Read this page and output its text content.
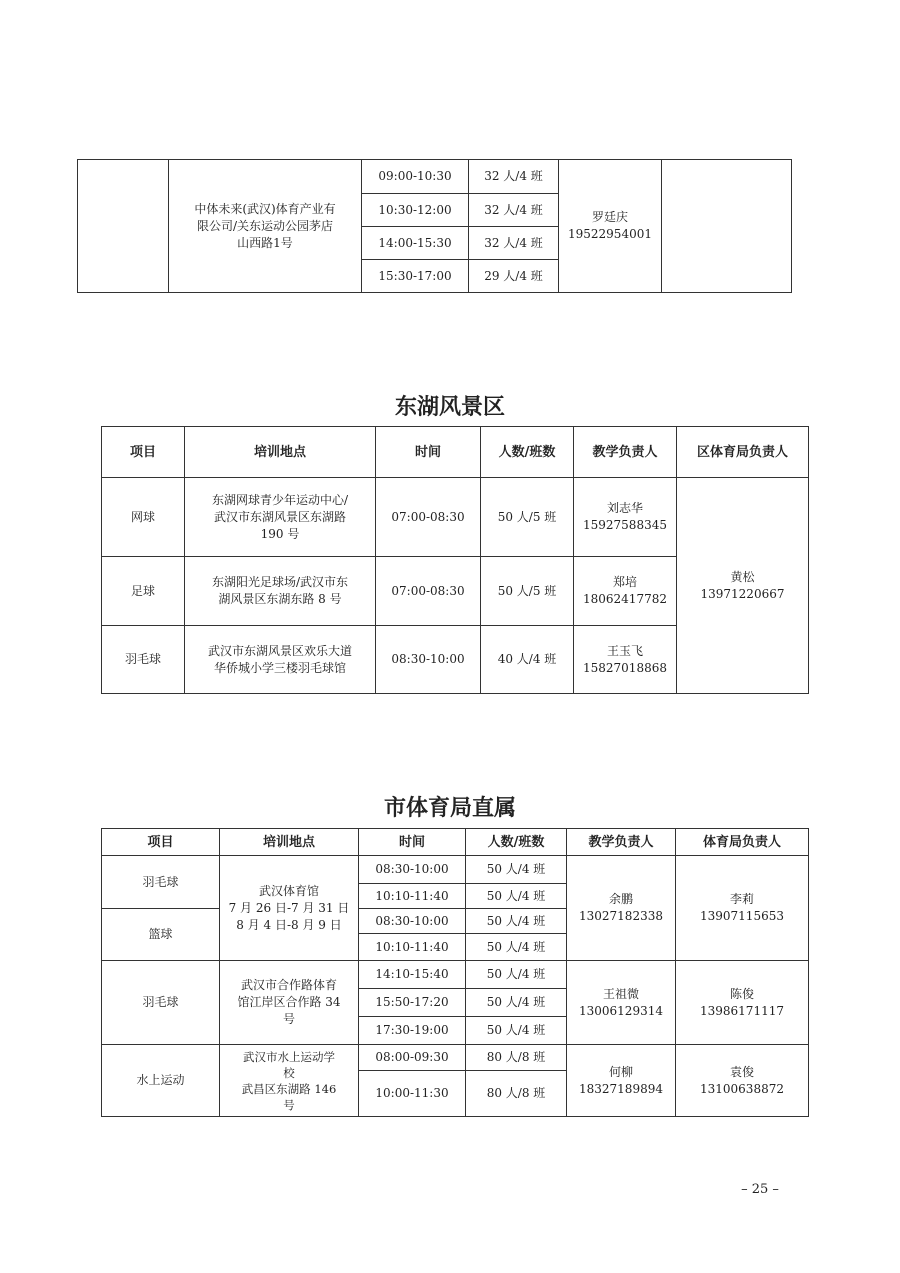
	中体未来(武汉)体育产业有
限公司/关东运动公园茅店
山西路1号	09:00-10:30	32 人/4 班	罗廷庆
19522954001	
		10:30-12:00	32 人/4 班		
		14:00-15:30	32 人/4 班		
		15:30-17:00	29 人/4 班		
东湖风景区
项目	培训地点	时间	人数/班数	教学负责人	区体育局负责人
网球	东湖网球青少年运动中心/
武汉市东湖风景区东湖路
190 号	07:00-08:30	50 人/5 班	刘志华
15927588345	黄松
13971220667
足球	东湖阳光足球场/武汉市东
湖风景区东湖东路 8 号	07:00-08:30	50 人/5 班	郑培
18062417782	
羽毛球	武汉市东湖风景区欢乐大道
华侨城小学三楼羽毛球馆	08:30-10:00	40 人/4 班	王玉飞
15827018868	
市体育局直属
项目	培训地点	时间	人数/班数	教学负责人	体育局负责人
羽毛球	武汉体育馆
7 月 26 日-7 月 31 日
8 月 4 日-8 月 9 日	08:30-10:00	50 人/4 班	余鹏
13027182338	李莉
13907115653
		10:10-11:40	50 人/4 班		
篮球		08:30-10:00	50 人/4 班		
		10:10-11:40	50 人/4 班		
羽毛球	武汉市合作路体育
馆江岸区合作路 34
号	14:10-15:40	50 人/4 班	王祖微
13006129314	陈俊
13986171117
		15:50-17:20	50 人/4 班		
		17:30-19:00	50 人/4 班		
水上运动	武汉市水上运动学
校
武昌区东湖路 146
号	08:00-09:30	80 人/8 班	何柳
18327189894	袁俊
13100638872
		10:00-11:30	80 人/8 班		
– 25 –
